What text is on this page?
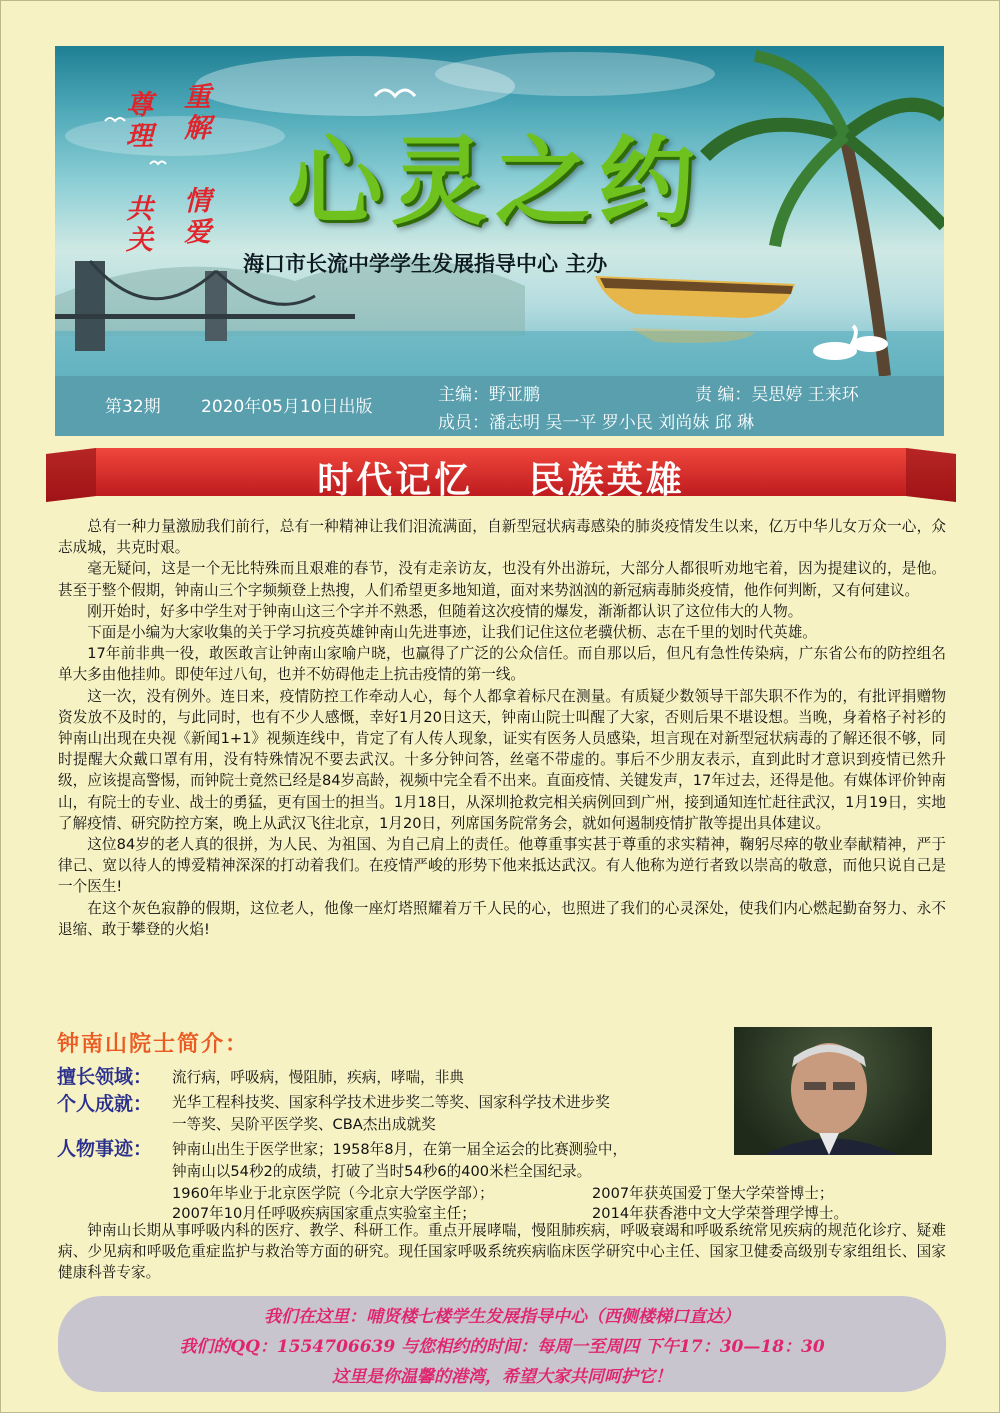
重解
尊理
情爱
共关	心灵之约
海口市长流中学学生发展指导中心 主办
第32期 2020年05月10日出版
主编：野亚鹏	责 编：吴思婷 王来环
成员：潘志明 吴一平 罗小民 刘尚妹 邱 琳
时代记忆 民族英雄

总有一种力量激励我们前行，总有一种精神让我们泪流满面，自新型冠状病毒感染的肺炎疫情发生以来，亿万中华儿女万众一心，众志成城，共克时艰。

毫无疑问，这是一个无比特殊而且艰难的春节，没有走亲访友，也没有外出游玩，大部分人都很听劝地宅着，因为提建议的，是他。甚至于整个假期，钟南山三个字频频登上热搜，人们希望更多地知道，面对来势汹汹的新冠病毒肺炎疫情，他作何判断，又有何建议。

刚开始时，好多中学生对于钟南山这三个字并不熟悉，但随着这次疫情的爆发，渐渐都认识了这位伟大的人物。

下面是小编为大家收集的关于学习抗疫英雄钟南山先进事迹，让我们记住这位老骥伏枥、志在千里的划时代英雄。

17年前非典一役，敢医敢言让钟南山家喻户晓，也赢得了广泛的公众信任。而自那以后，但凡有急性传染病，广东省公布的防控组名单大多由他挂帅。即使年过八旬，也并不妨碍他走上抗击疫情的第一线。

这一次，没有例外。连日来，疫情防控工作牵动人心，每个人都拿着标尺在测量。有质疑少数领导干部失职不作为的，有批评捐赠物资发放不及时的，与此同时，也有不少人感慨，幸好1月20日这天，钟南山院士叫醒了大家，否则后果不堪设想。当晚，身着格子衬衫的钟南山出现在央视《新闻1+1》视频连线中，肯定了有人传人现象，证实有医务人员感染，坦言现在对新型冠状病毒的了解还很不够，同时提醒大众戴口罩有用，没有特殊情况不要去武汉。十多分钟问答，丝毫不带虚的。事后不少朋友表示，直到此时才意识到疫情已然升级，应该提高警惕，而钟院士竟然已经是84岁高龄，视频中完全看不出来。直面疫情、关键发声，17年过去，还得是他。有媒体评价钟南山，有院士的专业、战士的勇猛，更有国士的担当。1月18日，从深圳抢救完相关病例回到广州，接到通知连忙赶往武汉，1月19日，实地了解疫情、研究防控方案，晚上从武汉飞往北京，1月20日，列席国务院常务会，就如何遏制疫情扩散等提出具体建议。

这位84岁的老人真的很拼，为人民、为祖国、为自己肩上的责任。他尊重事实甚于尊重的求实精神，鞠躬尽瘁的敬业奉献精神，严于律己、宽以待人的博爱精神深深的打动着我们。在疫情严峻的形势下他来抵达武汉。有人他称为逆行者致以崇高的敬意，而他只说自己是一个医生!

在这个灰色寂静的假期，这位老人，他像一座灯塔照耀着万千人民的心，也照进了我们的心灵深处，使我们内心燃起勤奋努力、永不退缩、敢于攀登的火焰!

钟南山院士简介：
擅长领域： 流行病，呼吸病，慢阻肺，疾病，哮喘，非典
个人成就： 光华工程科技奖、国家科学技术进步奖二等奖、国家科学技术进步奖
一等奖、吴阶平医学奖、CBA杰出成就奖
人物事迹： 钟南山出生于医学世家；1958年8月，在第一届全运会的比赛测验中，
钟南山以54秒2的成绩，打破了当时54秒6的400米栏全国纪录。
1960年毕业于北京医学院（今北京大学医学部）；	2007年获英国爱丁堡大学荣誉博士；
2007年10月任呼吸疾病国家重点实验室主任；	2014年获香港中文大学荣誉理学博士。

钟南山长期从事呼吸内科的医疗、教学、科研工作。重点开展哮喘，慢阻肺疾病，呼吸衰竭和呼吸系统常见疾病的规范化诊疗、疑难病、少见病和呼吸危重症监护与救治等方面的研究。现任国家呼吸系统疾病临床医学研究中心主任、国家卫健委高级别专家组组长、国家健康科普专家。

我们在这里：哺贤楼七楼学生发展指导中心（西侧楼梯口直达）
我们的QQ：1554706639 与您相约的时间：每周一至周四 下午17：30—18：30
这里是你温馨的港湾，希望大家共同呵护它！
